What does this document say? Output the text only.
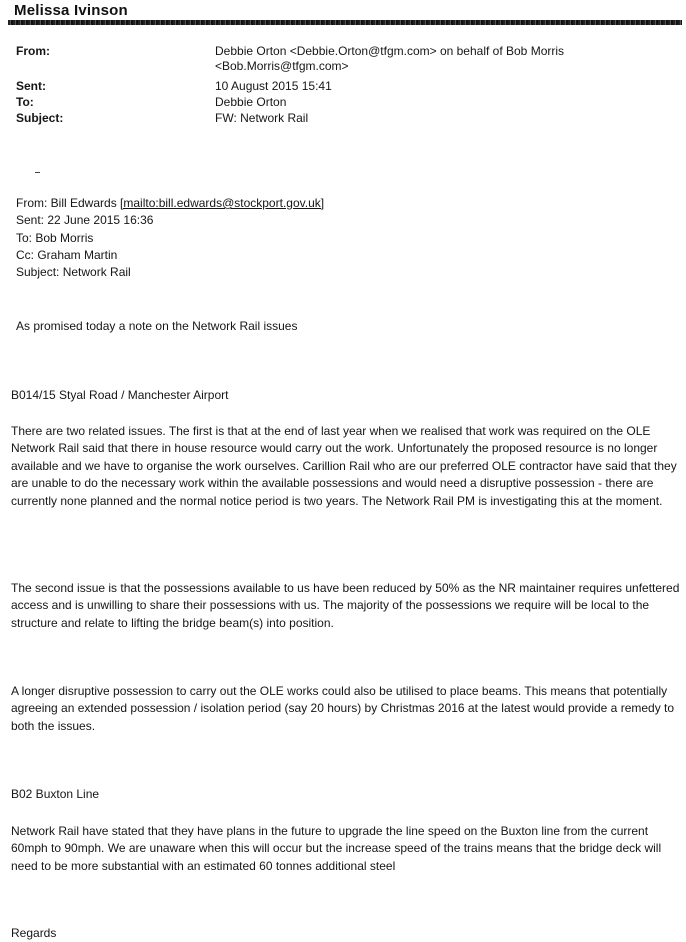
Melissa Ivinson
From:	Debbie Orton <Debbie.Orton@tfgm.com> on behalf of Bob Morris
<Bob.Morris@tfgm.com>
Sent:	10 August 2015 15:41
To:	Debbie Orton
Subject:	FW: Network Rail
From: Bill Edwards [mailto:bill.edwards@stockport.gov.uk]
Sent: 22 June 2015 16:36
To: Bob Morris
Cc: Graham Martin
Subject: Network Rail
As promised today a note on the Network Rail issues
B014/15 Styal Road / Manchester Airport
There are two related issues. The first is that at the end of last year when we realised that work was required on the OLE Network Rail said that there in house resource would carry out the work. Unfortunately the proposed resource is no longer available and we have to organise the work ourselves. Carillion Rail who are our preferred OLE contractor have said that they are unable to do the necessary work within the available possessions and would need a disruptive possession - there are currently none planned and the normal notice period is two years. The Network Rail PM is investigating this at the moment.
The second issue is that the possessions available to us have been reduced by 50% as the NR maintainer requires unfettered access and is unwilling to share their possessions with us. The majority of the possessions we require will be local to the structure and relate to lifting the bridge beam(s) into position.
A longer disruptive possession to carry out the OLE works could also be utilised to place beams. This means that potentially agreeing an extended possession / isolation period (say 20 hours) by Christmas 2016 at the latest would provide a remedy to both the issues.
B02 Buxton Line
Network Rail have stated that they have plans in the future to upgrade the line speed on the Buxton line from the current 60mph to 90mph. We are unaware when this will occur but the increase speed of the trains means that the bridge deck will need to be more substantial with an estimated 60 tonnes additional steel
Regards
